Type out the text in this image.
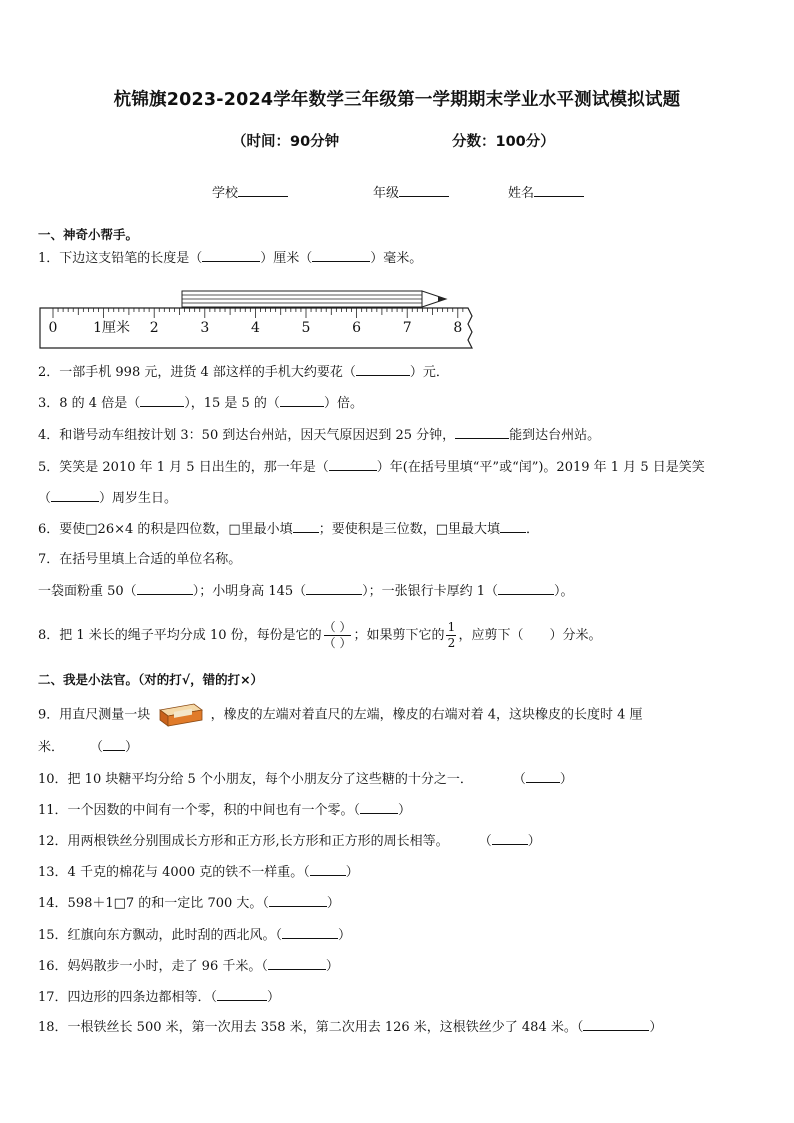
杭锦旗2023-2024学年数学三年级第一学期期末学业水平测试模拟试题
（时间：90分钟	分数：100分）
学校	年级	姓名
一、神奇小帮手。
1．下边这支铅笔的长度是（	）厘米（	）毫米。
0	1厘米 2	3	4	5	6	7	8
2．一部手机 998 元，进货 4 部这样的手机大约要花（	）元．
3．8 的 4 倍是（	），15 是 5 的（	）倍。
4．和谐号动车组按计划 3：50 到达台州站，因天气原因迟到 25 分钟，	能到达台州站。
5．笑笑是 2010 年 1 月 5 日出生的，那一年是（	）年(在括号里填“平”或“闰”)。2019 年 1 月 5 日是笑笑
（	）周岁生日。
6．要使□26×4 的积是四位数，□里最小填 ；要使积是三位数，□里最大填 ．
7．在括号里填上合适的单位名称。
一袋面粉重 50（	）；小明身高 145（	）；一张银行卡厚约 1（	）。
8．把 1 米长的绳子平均分成 10 份，每份是它的 $\frac{( )}{( )}$ ；如果剪下它的 $\frac{1}{2}$ ，应剪下（　　）分米。
二、我是小法官。（对的打√，错的打×）
9．用直尺测量一块	，橡皮的左端对着直尺的左端，橡皮的右端对着 4，这块橡皮的长度时 4 厘
米． （ ）
10．把 10 块糖平均分给 5 个小朋友，每个小朋友分了这些糖的十分之一．	（	）
11．一个因数的中间有一个零，积的中间也有一个零。（	）
12．用两根铁丝分别围成长方形和正方形,长方形和正方形的周长相等。 （	）
13．4 千克的棉花与 4000 克的铁不一样重。（	）
14．598＋1□7 的和一定比 700 大。（	）
15．红旗向东方飘动，此时刮的西北风。（	）
16．妈妈散步一小时，走了 96 千米。（	）
17．四边形的四条边都相等．（	）
18．一根铁丝长 500 米，第一次用去 358 米，第二次用去 126 米，这根铁丝少了 484 米。（	）
